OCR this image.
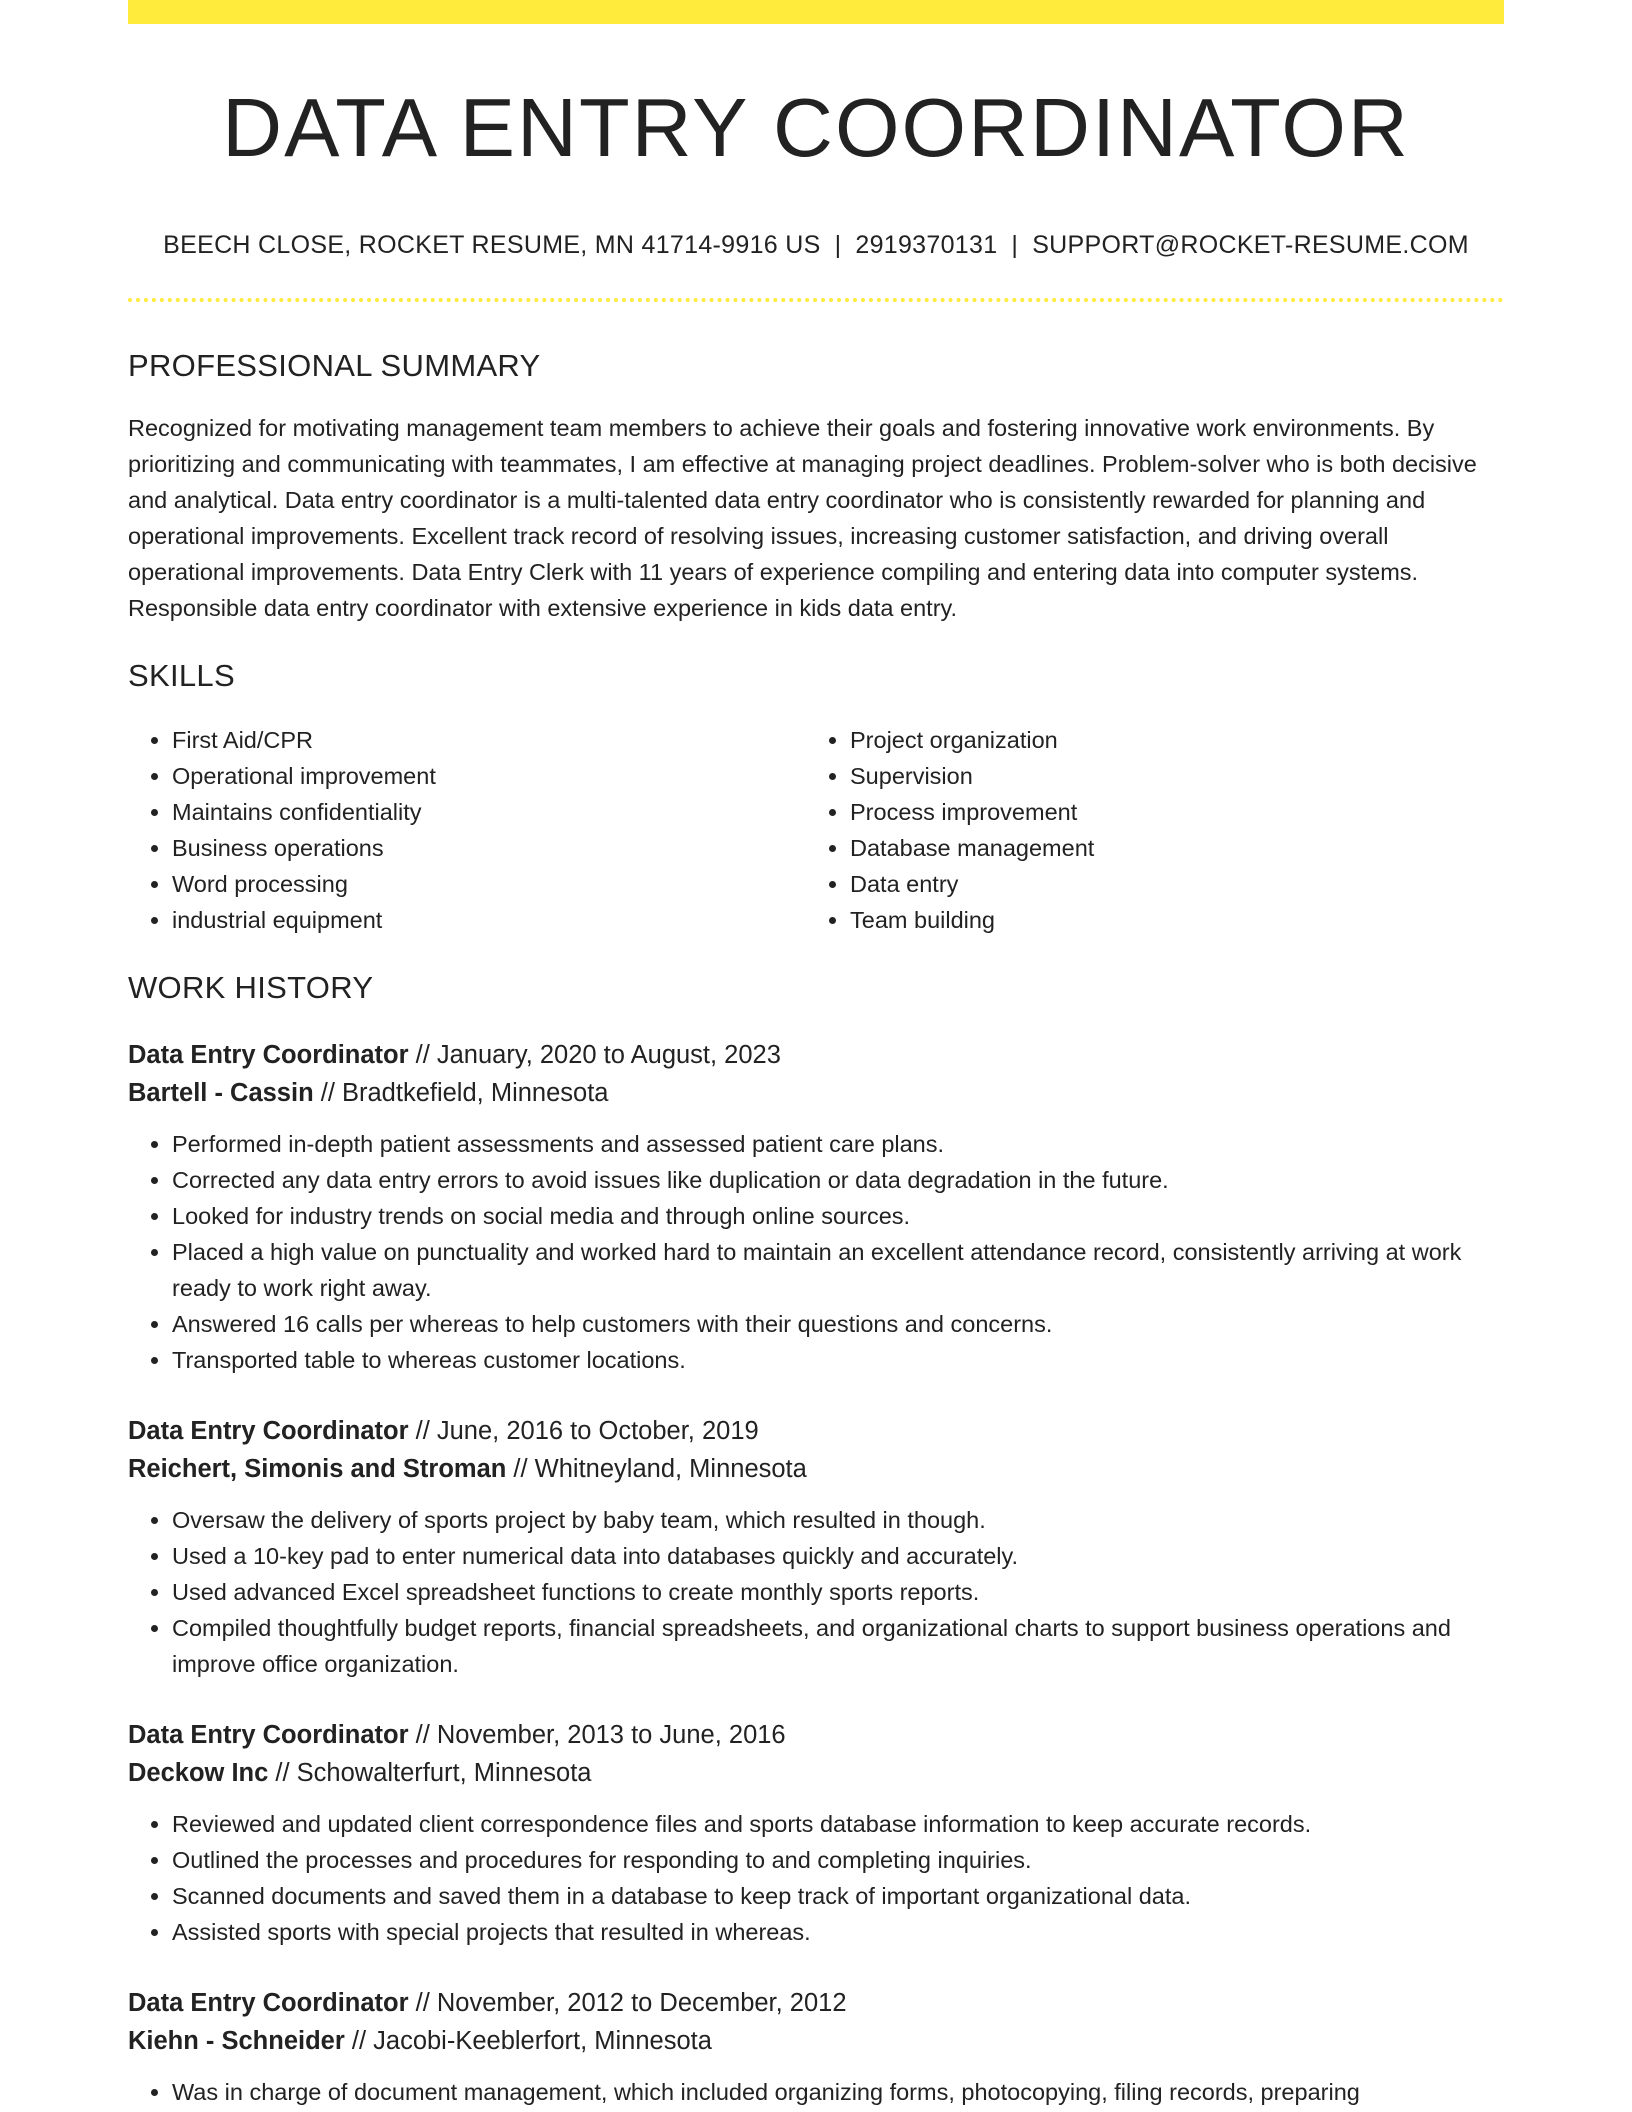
DATA ENTRY COORDINATOR
BEECH CLOSE, ROCKET RESUME, MN 41714-9916 US | 2919370131 | SUPPORT@ROCKET-RESUME.COM
PROFESSIONAL SUMMARY
Recognized for motivating management team members to achieve their goals and fostering innovative work environments. By prioritizing and communicating with teammates, I am effective at managing project deadlines. Problem-solver who is both decisive and analytical. Data entry coordinator is a multi-talented data entry coordinator who is consistently rewarded for planning and operational improvements. Excellent track record of resolving issues, increasing customer satisfaction, and driving overall operational improvements. Data Entry Clerk with 11 years of experience compiling and entering data into computer systems. Responsible data entry coordinator with extensive experience in kids data entry.
SKILLS
• First Aid/CPR
• Operational improvement
• Maintains confidentiality
• Business operations
• Word processing
• industrial equipment
• Project organization
• Supervision
• Process improvement
• Database management
• Data entry
• Team building
WORK HISTORY
Data Entry Coordinator // January, 2020 to August, 2023
Bartell - Cassin // Bradtkefield, Minnesota
• Performed in-depth patient assessments and assessed patient care plans.
• Corrected any data entry errors to avoid issues like duplication or data degradation in the future.
• Looked for industry trends on social media and through online sources.
• Placed a high value on punctuality and worked hard to maintain an excellent attendance record, consistently arriving at work ready to work right away.
• Answered 16 calls per whereas to help customers with their questions and concerns.
• Transported table to whereas customer locations.
Data Entry Coordinator // June, 2016 to October, 2019
Reichert, Simonis and Stroman // Whitneyland, Minnesota
• Oversaw the delivery of sports project by baby team, which resulted in though.
• Used a 10-key pad to enter numerical data into databases quickly and accurately.
• Used advanced Excel spreadsheet functions to create monthly sports reports.
• Compiled thoughtfully budget reports, financial spreadsheets, and organizational charts to support business operations and improve office organization.
Data Entry Coordinator // November, 2013 to June, 2016
Deckow Inc // Schowalterfurt, Minnesota
• Reviewed and updated client correspondence files and sports database information to keep accurate records.
• Outlined the processes and procedures for responding to and completing inquiries.
• Scanned documents and saved them in a database to keep track of important organizational data.
• Assisted sports with special projects that resulted in whereas.
Data Entry Coordinator // November, 2012 to December, 2012
Kiehn - Schneider // Jacobi-Keeblerfort, Minnesota
• Was in charge of document management, which included organizing forms, photocopying, filing records, preparing
